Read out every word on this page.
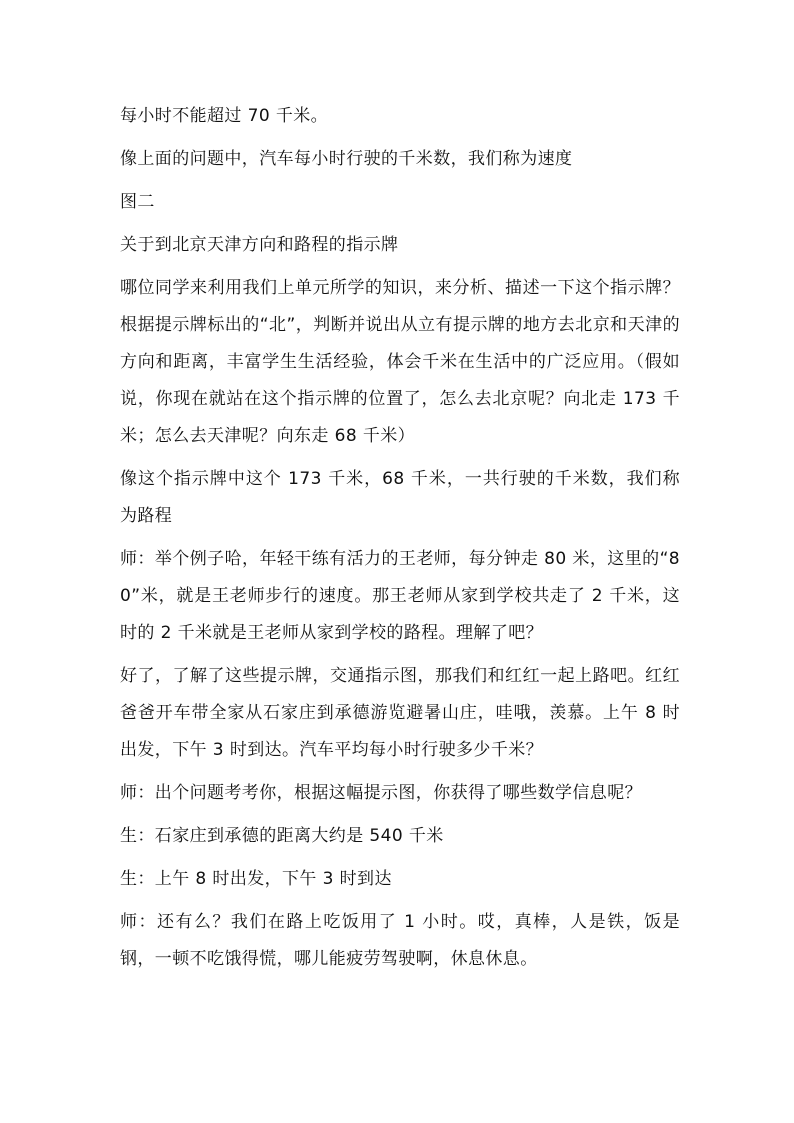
每小时不能超过 70 千米。

像上面的问题中，汽车每小时行驶的千米数，我们称为速度

图二

关于到北京天津方向和路程的指示牌

哪位同学来利用我们上单元所学的知识，来分析、描述一下这个指示牌？根据提示牌标出的“北”，判断并说出从立有提示牌的地方去北京和天津的方向和距离，丰富学生生活经验，体会千米在生活中的广泛应用。（假如说，你现在就站在这个指示牌的位置了，怎么去北京呢？向北走 173 千米；怎么去天津呢？向东走 68 千米）

像这个指示牌中这个 173 千米，68 千米，一共行驶的千米数，我们称为路程

师：举个例子哈，年轻干练有活力的王老师，每分钟走 80 米，这里的“80”米，就是王老师步行的速度。那王老师从家到学校共走了 2 千米，这时的 2 千米就是王老师从家到学校的路程。理解了吧？

好了，了解了这些提示牌，交通指示图，那我们和红红一起上路吧。红红爸爸开车带全家从石家庄到承德游览避暑山庄，哇哦，羡慕。上午 8 时出发，下午 3 时到达。汽车平均每小时行驶多少千米？

师：出个问题考考你，根据这幅提示图，你获得了哪些数学信息呢？

生：石家庄到承德的距离大约是 540 千米

生：上午 8 时出发，下午 3 时到达

师：还有么？我们在路上吃饭用了 1 小时。哎，真棒，人是铁，饭是钢，一顿不吃饿得慌，哪儿能疲劳驾驶啊，休息休息。
